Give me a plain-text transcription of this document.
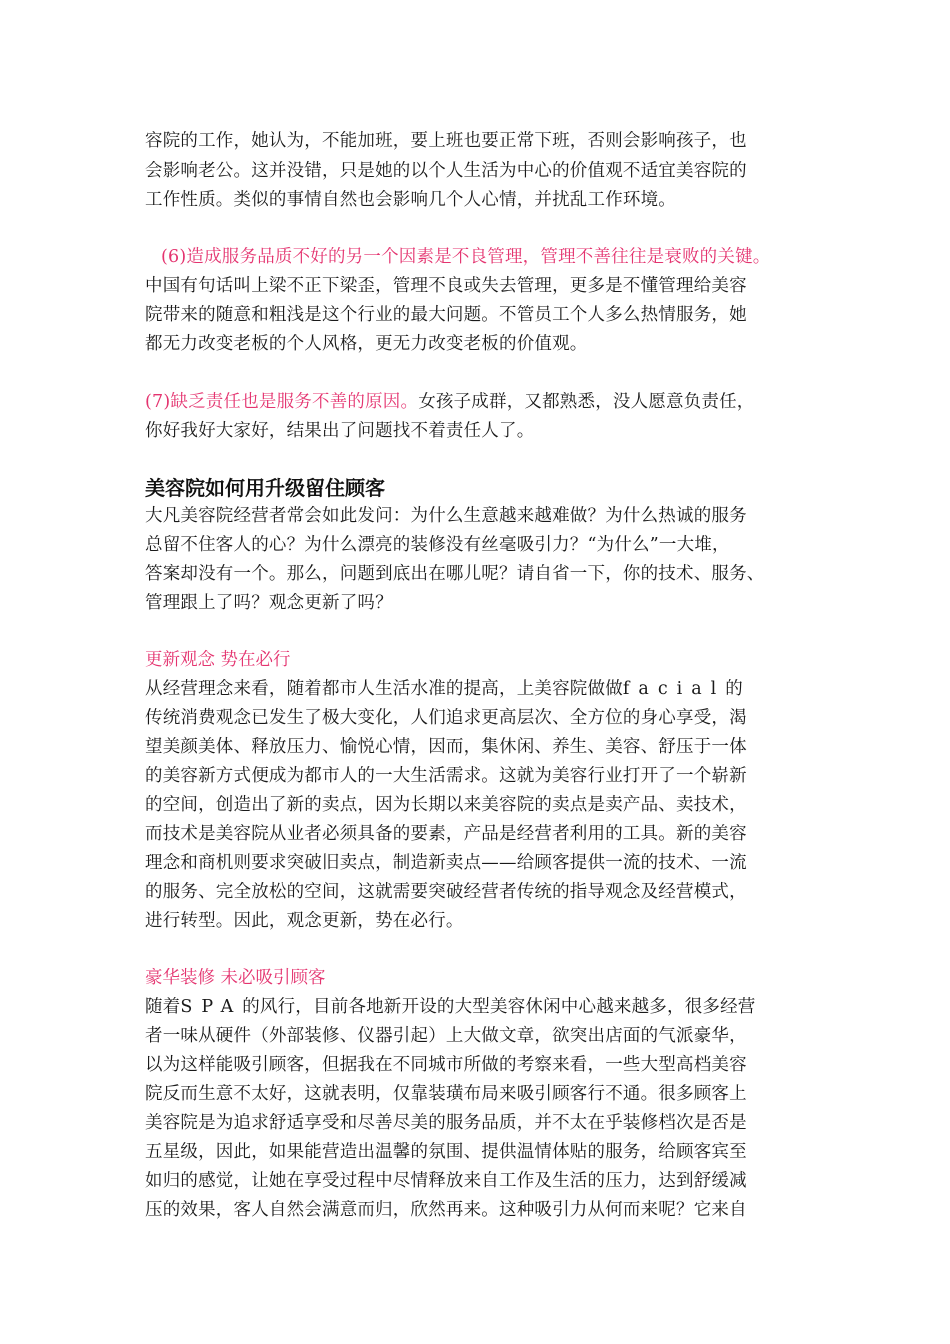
容院的工作，她认为，不能加班，要上班也要正常下班，否则会影响孩子，也
会影响老公。这并没错，只是她的以个人生活为中心的价值观不适宜美容院的
工作性质。类似的事情自然也会影响几个人心情，并扰乱工作环境。
(6)造成服务品质不好的另一个因素是不良管理，管理不善往往是衰败的关键。
中国有句话叫上梁不正下梁歪，管理不良或失去管理，更多是不懂管理给美容
院带来的随意和粗浅是这个行业的最大问题。不管员工个人多么热情服务，她
都无力改变老板的个人风格，更无力改变老板的价值观。
(7)缺乏责任也是服务不善的原因。女孩子成群，又都熟悉，没人愿意负责任，
你好我好大家好，结果出了问题找不着责任人了。
美容院如何用升级留住顾客
大凡美容院经营者常会如此发问：为什么生意越来越难做？为什么热诚的服务
总留不住客人的心？为什么漂亮的装修没有丝毫吸引力？“为什么”一大堆，
答案却没有一个。那么，问题到底出在哪儿呢？请自省一下，你的技术、服务、
管理跟上了吗？观念更新了吗？
更新观念 势在必行
从经营理念来看，随着都市人生活水准的提高，上美容院做做facial的
传统消费观念已发生了极大变化，人们追求更高层次、全方位的身心享受，渴
望美颜美体、释放压力、愉悦心情，因而，集休闲、养生、美容、舒压于一体
的美容新方式便成为都市人的一大生活需求。这就为美容行业打开了一个崭新
的空间，创造出了新的卖点，因为长期以来美容院的卖点是卖产品、卖技术，
而技术是美容院从业者必须具备的要素，产品是经营者利用的工具。新的美容
理念和商机则要求突破旧卖点，制造新卖点——给顾客提供一流的技术、一流
的服务、完全放松的空间，这就需要突破经营者传统的指导观念及经营模式，
进行转型。因此，观念更新，势在必行。
豪华装修 未必吸引顾客
随着SPA的风行，目前各地新开设的大型美容休闲中心越来越多，很多经营
者一味从硬件（外部装修、仪器引起）上大做文章，欲突出店面的气派豪华，
以为这样能吸引顾客，但据我在不同城市所做的考察来看，一些大型高档美容
院反而生意不太好，这就表明，仅靠装璜布局来吸引顾客行不通。很多顾客上
美容院是为追求舒适享受和尽善尽美的服务品质，并不太在乎装修档次是否是
五星级，因此，如果能营造出温馨的氛围、提供温情体贴的服务，给顾客宾至
如归的感觉，让她在享受过程中尽情释放来自工作及生活的压力，达到舒缓减
压的效果，客人自然会满意而归，欣然再来。这种吸引力从何而来呢？它来自
